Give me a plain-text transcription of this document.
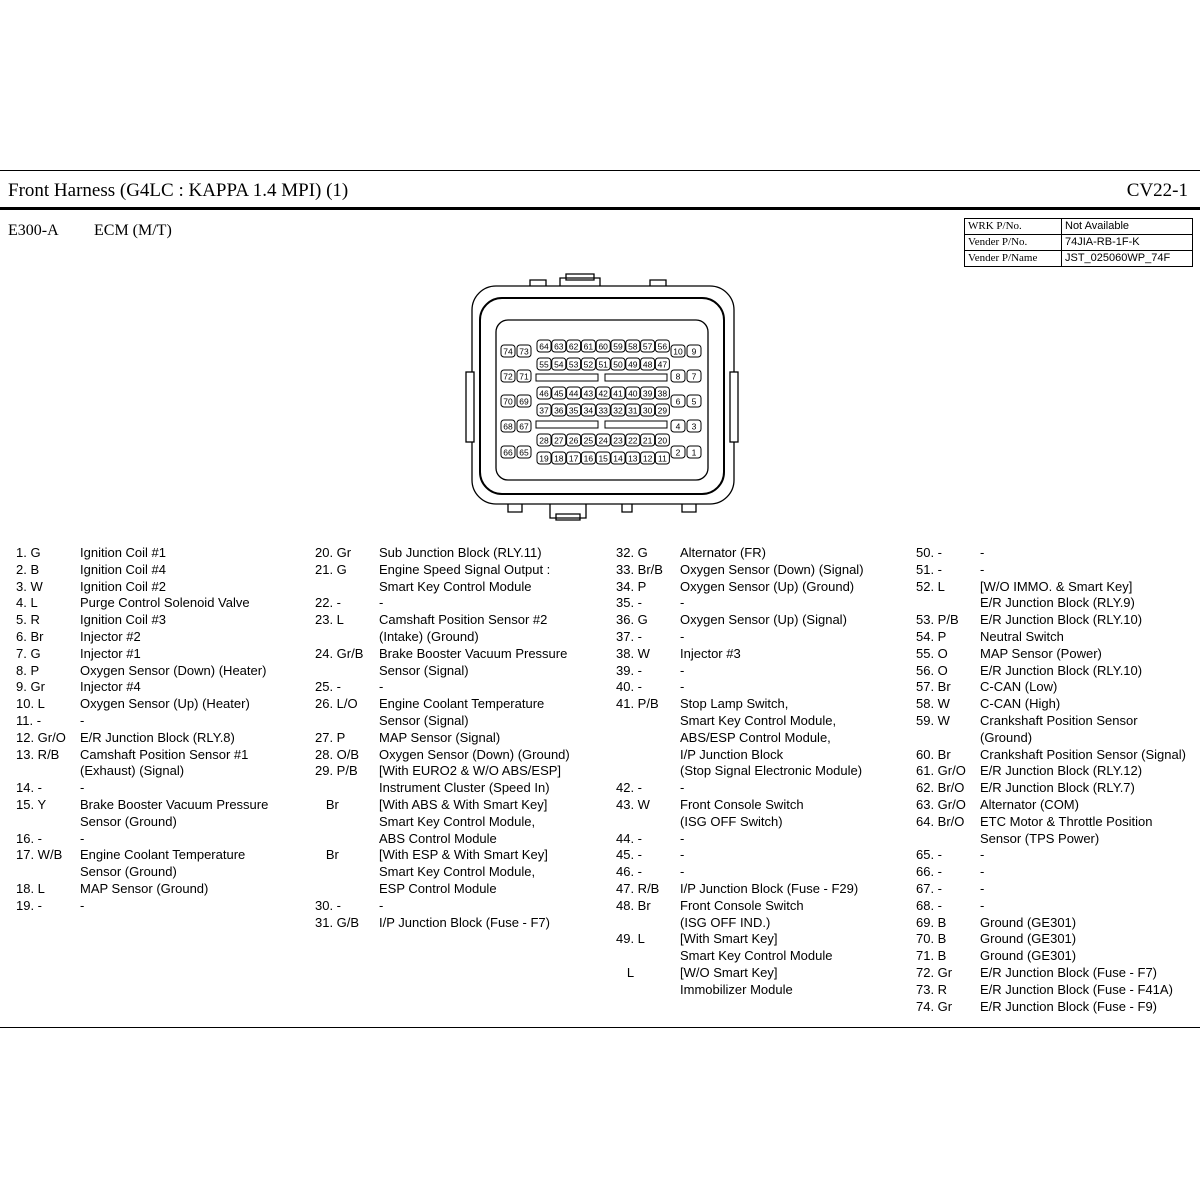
Front Harness (G4LC : KAPPA 1.4 MPI) (1)	CV22-1
E300-A ECM (M/T)	WRK P/No.	Not Available
Vender P/No.	74JIA-RB-1F-K
Vender P/Name	JST_025060WP_74F
74 73
72 71
70 69
68 67
66 65
10 9
8 7
6 5
4 3
2 1
64 63 62 61 60 59 58 57 56
55 54 53 52 51 50 49 48 47
46 45 44 43 42 41 40 39 38
37 36 35 34 33 32 31 30 29
28 27 26 25 24 23 22 21 20
19 18 17 16 15 14 13 12 11
1. G	Ignition Coil #1
2. B	Ignition Coil #4
3. W	Ignition Coil #2
4. L	Purge Control Solenoid Valve
5. R	Ignition Coil #3
6. Br	Injector #2
7. G	Injector #1
8. P	Oxygen Sensor (Down) (Heater)
9. Gr	Injector #4
10. L	Oxygen Sensor (Up) (Heater)
11. -	-
12. Gr/O	E/R Junction Block (RLY.8)
13. R/B	Camshaft Position Sensor #1
(Exhaust) (Signal)
14. -	-
15. Y	Brake Booster Vacuum Pressure
Sensor (Ground)
16. -	-
17. W/B	Engine Coolant Temperature
Sensor (Ground)
18. L	MAP Sensor (Ground)
19. -	-
20. Gr	Sub Junction Block (RLY.11)
21. G	Engine Speed Signal Output :
Smart Key Control Module
22. -	-
23. L	Camshaft Position Sensor #2
(Intake) (Ground)
24. Gr/B	Brake Booster Vacuum Pressure
Sensor (Signal)
25. -	-
26. L/O	Engine Coolant Temperature
Sensor (Signal)
27. P	MAP Sensor (Signal)
28. O/B	Oxygen Sensor (Down) (Ground)
29. P/B	[With EURO2 & W/O ABS/ESP]
Instrument Cluster (Speed In)
Br	[With ABS & With Smart Key]
Smart Key Control Module,
ABS Control Module
Br	[With ESP & With Smart Key]
Smart Key Control Module,
ESP Control Module
30. -	-
31. G/B	I/P Junction Block (Fuse - F7)
32. G	Alternator (FR)
33. Br/B	Oxygen Sensor (Down) (Signal)
34. P	Oxygen Sensor (Up) (Ground)
35. -	-
36. G	Oxygen Sensor (Up) (Signal)
37. -	-
38. W	Injector #3
39. -	-
40. -	-
41. P/B	Stop Lamp Switch,
Smart Key Control Module,
ABS/ESP Control Module,
I/P Junction Block
(Stop Signal Electronic Module)
42. -	-
43. W	Front Console Switch
(ISG OFF Switch)
44. -	-
45. -	-
46. -	-
47. R/B	I/P Junction Block (Fuse - F29)
48. Br	Front Console Switch
(ISG OFF IND.)
49. L	[With Smart Key]
Smart Key Control Module
L	[W/O Smart Key]
Immobilizer Module
50. -	-
51. -	-
52. L	[W/O IMMO. & Smart Key]
E/R Junction Block (RLY.9)
53. P/B	E/R Junction Block (RLY.10)
54. P	Neutral Switch
55. O	MAP Sensor (Power)
56. O	E/R Junction Block (RLY.10)
57. Br	C-CAN (Low)
58. W	C-CAN (High)
59. W	Crankshaft Position Sensor
(Ground)
60. Br	Crankshaft Position Sensor (Signal)
61. Gr/O	E/R Junction Block (RLY.12)
62. Br/O	E/R Junction Block (RLY.7)
63. Gr/O	Alternator (COM)
64. Br/O	ETC Motor & Throttle Position
Sensor (TPS Power)
65. -	-
66. -	-
67. -	-
68. -	-
69. B	Ground (GE301)
70. B	Ground (GE301)
71. B	Ground (GE301)
72. Gr	E/R Junction Block (Fuse - F7)
73. R	E/R Junction Block (Fuse - F41A)
74. Gr	E/R Junction Block (Fuse - F9)
